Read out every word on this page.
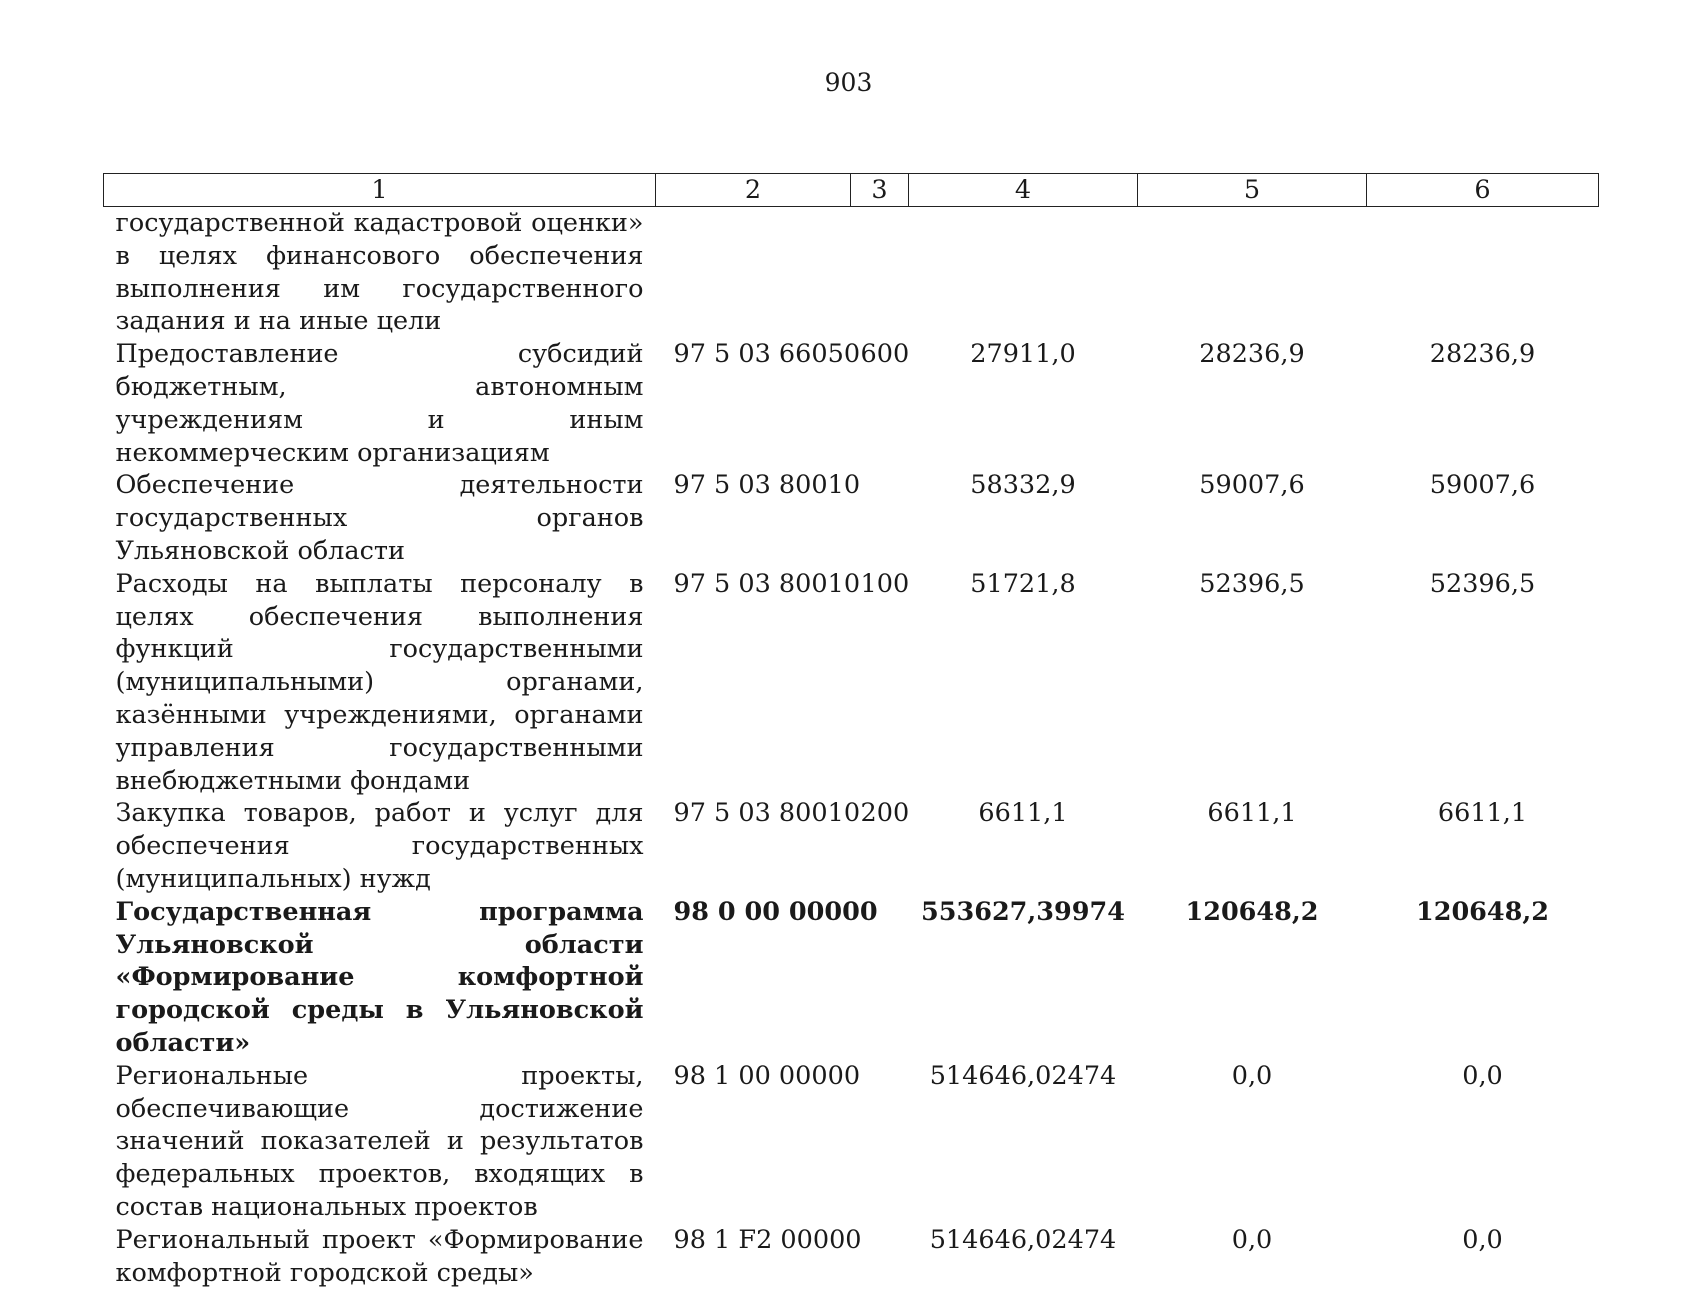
903
1	2	3	4	5	6
государственной кадастровой оценки» в целях финансового обеспечения выполнения им государственного задания и на иные цели					
Предоставление субсидий бюджетным, автономным учреждениям и иным некоммерческим организациям	97 5 03 66050	600	27911,0	28236,9	28236,9
Обеспечение деятельности государственных органов Ульяновской области	97 5 03 80010		58332,9	59007,6	59007,6
Расходы на выплаты персоналу в целях обеспечения выполнения функций государственными (муниципальными) органами, казёнными учреждениями, органами управления государственными внебюджетными фондами	97 5 03 80010	100	51721,8	52396,5	52396,5
Закупка товаров, работ и услуг для обеспечения государственных (муниципальных) нужд	97 5 03 80010	200	6611,1	6611,1	6611,1
Государственная программа Ульяновской области «Формирование комфортной городской среды в Ульяновской области»	98 0 00 00000		553627,39974	120648,2	120648,2
Региональные проекты, обеспечивающие достижение значений показателей и результатов федеральных проектов, входящих в состав национальных проектов	98 1 00 00000		514646,02474	0,0	0,0
Региональный проект «Формирование комфортной городской среды»	98 1 F2 00000		514646,02474	0,0	0,0
